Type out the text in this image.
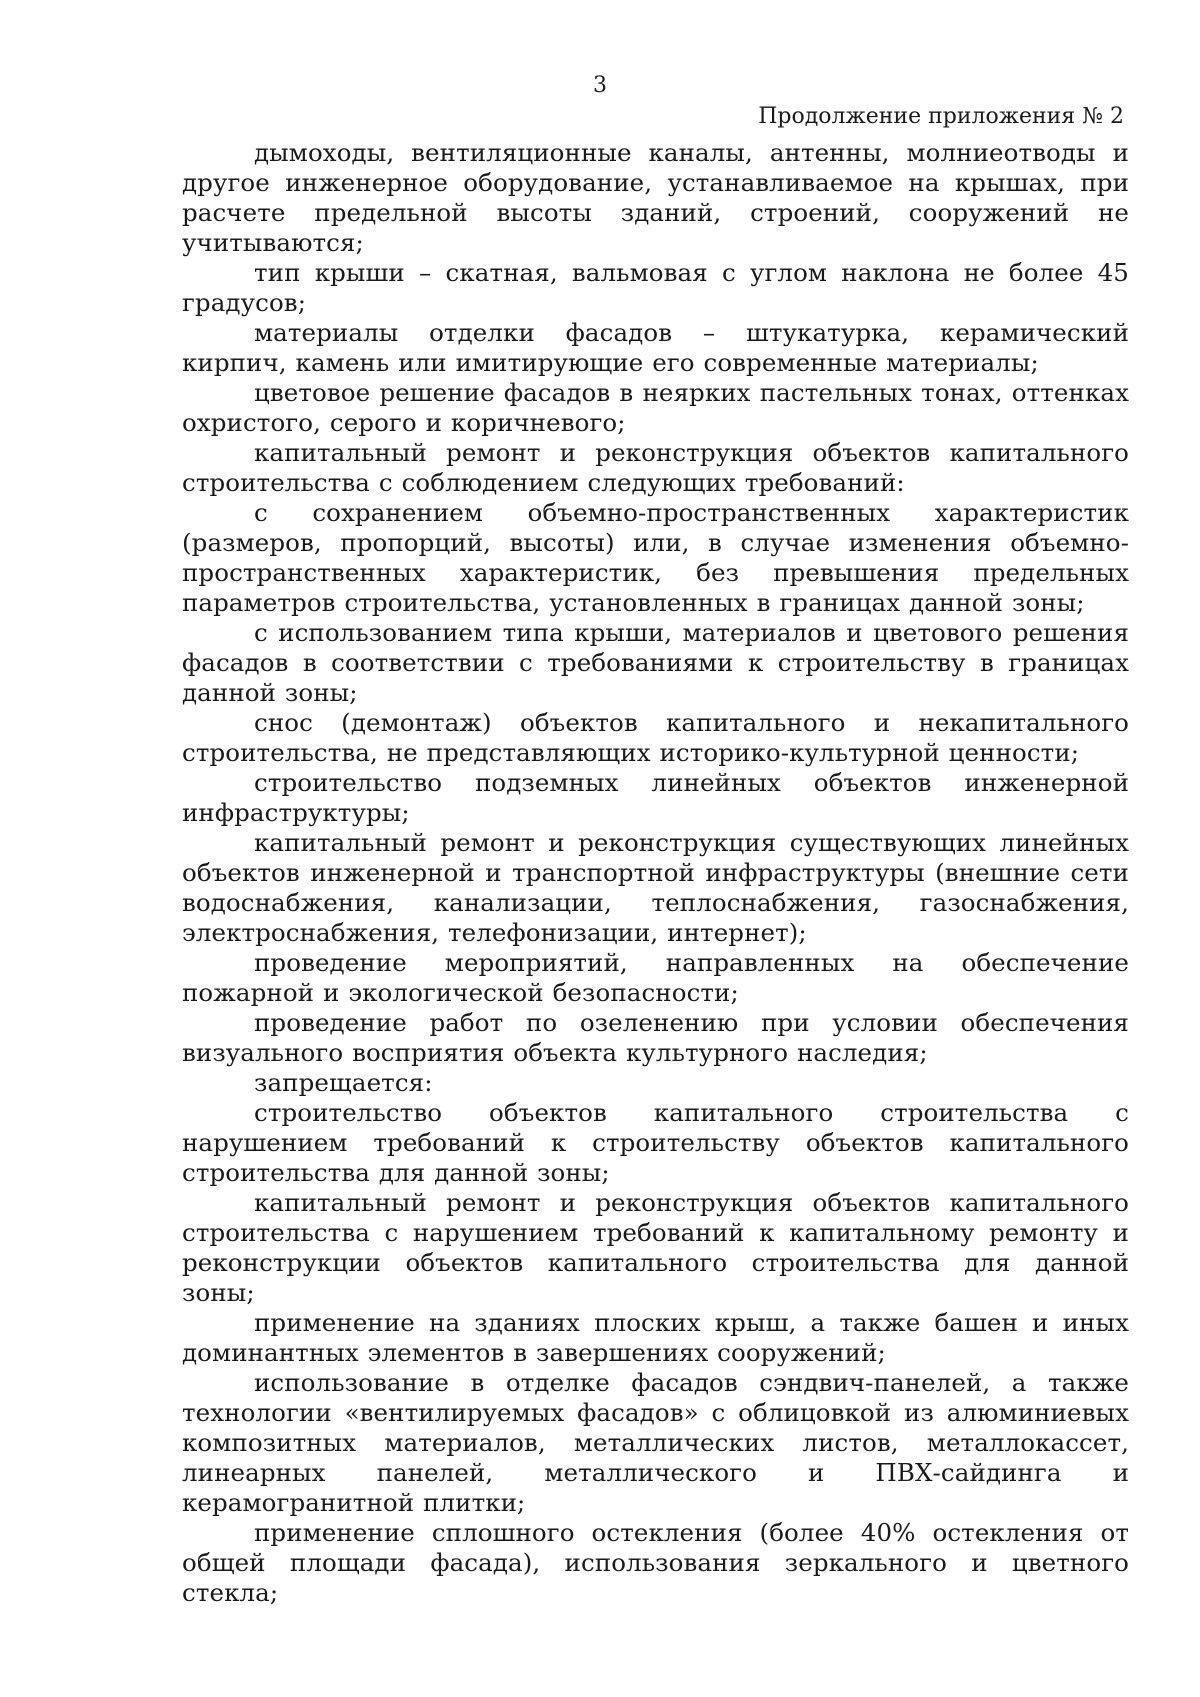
3
Продолжение приложения № 2

дымоходы, вентиляционные каналы, антенны, молниеотводы и другое инженерное оборудование, устанавливаемое на крышах, при расчете предельной высоты зданий, строений, сооружений не учитываются;

тип крыши – скатная, вальмовая с углом наклона не более 45 градусов;

материалы отделки фасадов – штукатурка, керамический кирпич, камень или имитирующие его современные материалы;

цветовое решение фасадов в неярких пастельных тонах, оттенках охристого, серого и коричневого;

капитальный ремонт и реконструкция объектов капитального строительства с соблюдением следующих требований:

с сохранением объемно-пространственных характеристик (размеров, пропорций, высоты) или, в случае изменения объемно-пространственных характеристик, без превышения предельных параметров строительства, установленных в границах данной зоны;

с использованием типа крыши, материалов и цветового решения фасадов в соответствии с требованиями к строительству в границах данной зоны;

снос (демонтаж) объектов капитального и некапитального строительства, не представляющих историко-культурной ценности;

строительство подземных линейных объектов инженерной инфраструктуры;

капитальный ремонт и реконструкция существующих линейных объектов инженерной и транспортной инфраструктуры (внешние сети водоснабжения, канализации, теплоснабжения, газоснабжения, электроснабжения, телефонизации, интернет);

проведение мероприятий, направленных на обеспечение пожарной и экологической безопасности;

проведение работ по озеленению при условии обеспечения визуального восприятия объекта культурного наследия;

запрещается:

строительство объектов капитального строительства с нарушением требований к строительству объектов капитального строительства для данной зоны;

капитальный ремонт и реконструкция объектов капитального строительства с нарушением требований к капитальному ремонту и реконструкции объектов капитального строительства для данной зоны;

применение на зданиях плоских крыш, а также башен и иных доминантных элементов в завершениях сооружений;

использование в отделке фасадов сэндвич-панелей, а также технологии «вентилируемых фасадов» с облицовкой из алюминиевых композитных материалов, металлических листов, металлокассет, линеарных панелей, металлического и ПВХ-сайдинга и керамогранитной плитки;

применение сплошного остекления (более 40% остекления от общей площади фасада), использования зеркального и цветного стекла;
